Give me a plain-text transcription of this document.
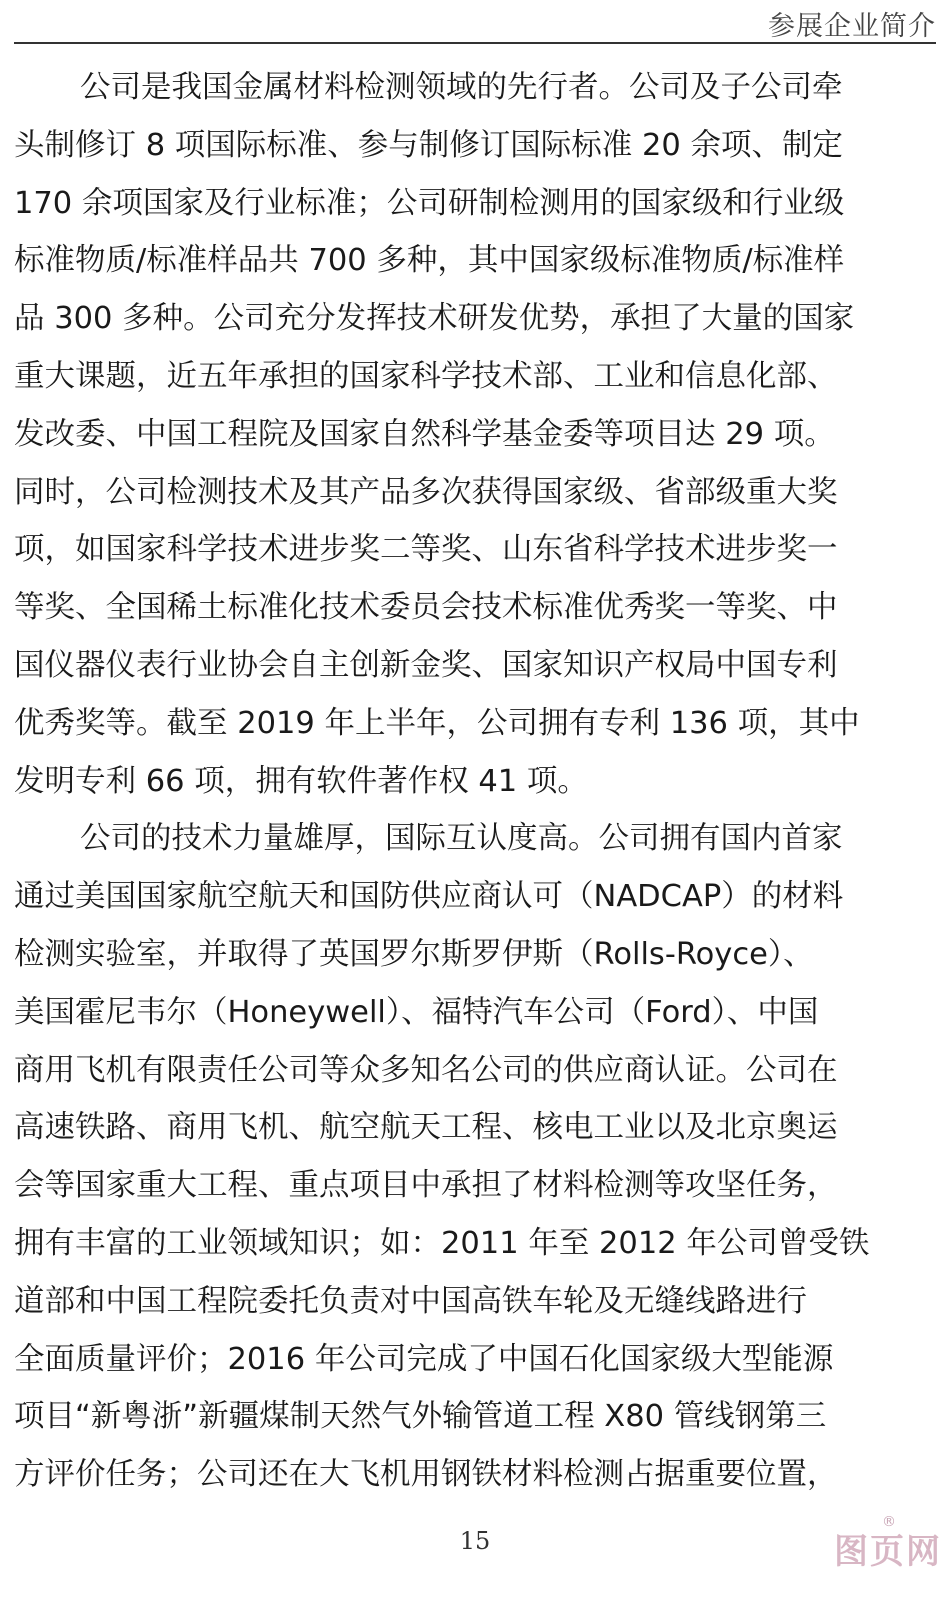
参展企业简介
公司是我国金属材料检测领域的先行者。公司及子公司牵
头制修订 8 项国际标准、参与制修订国际标准 20 余项、制定
170 余项国家及行业标准；公司研制检测用的国家级和行业级
标准物质/标准样品共 700 多种，其中国家级标准物质/标准样
品 300 多种。公司充分发挥技术研发优势，承担了大量的国家
重大课题，近五年承担的国家科学技术部、工业和信息化部、
发改委、中国工程院及国家自然科学基金委等项目达 29 项。
同时，公司检测技术及其产品多次获得国家级、省部级重大奖
项，如国家科学技术进步奖二等奖、山东省科学技术进步奖一
等奖、全国稀土标准化技术委员会技术标准优秀奖一等奖、中
国仪器仪表行业协会自主创新金奖、国家知识产权局中国专利
优秀奖等。截至 2019 年上半年，公司拥有专利 136 项，其中
发明专利 66 项，拥有软件著作权 41 项。
公司的技术力量雄厚，国际互认度高。公司拥有国内首家
通过美国国家航空航天和国防供应商认可（NADCAP）的材料
检测实验室，并取得了英国罗尔斯罗伊斯（Rolls-Royce）、
美国霍尼韦尔（Honeywell）、福特汽车公司（Ford）、中国
商用飞机有限责任公司等众多知名公司的供应商认证。公司在
高速铁路、商用飞机、航空航天工程、核电工业以及北京奥运
会等国家重大工程、重点项目中承担了材料检测等攻坚任务，
拥有丰富的工业领域知识；如：2011 年至 2012 年公司曾受铁
道部和中国工程院委托负责对中国高铁车轮及无缝线路进行
全面质量评价；2016 年公司完成了中国石化国家级大型能源
项目“新粤浙”新疆煤制天然气外输管道工程 X80 管线钢第三
方评价任务；公司还在大飞机用钢铁材料检测占据重要位置，
15	图页网
®
